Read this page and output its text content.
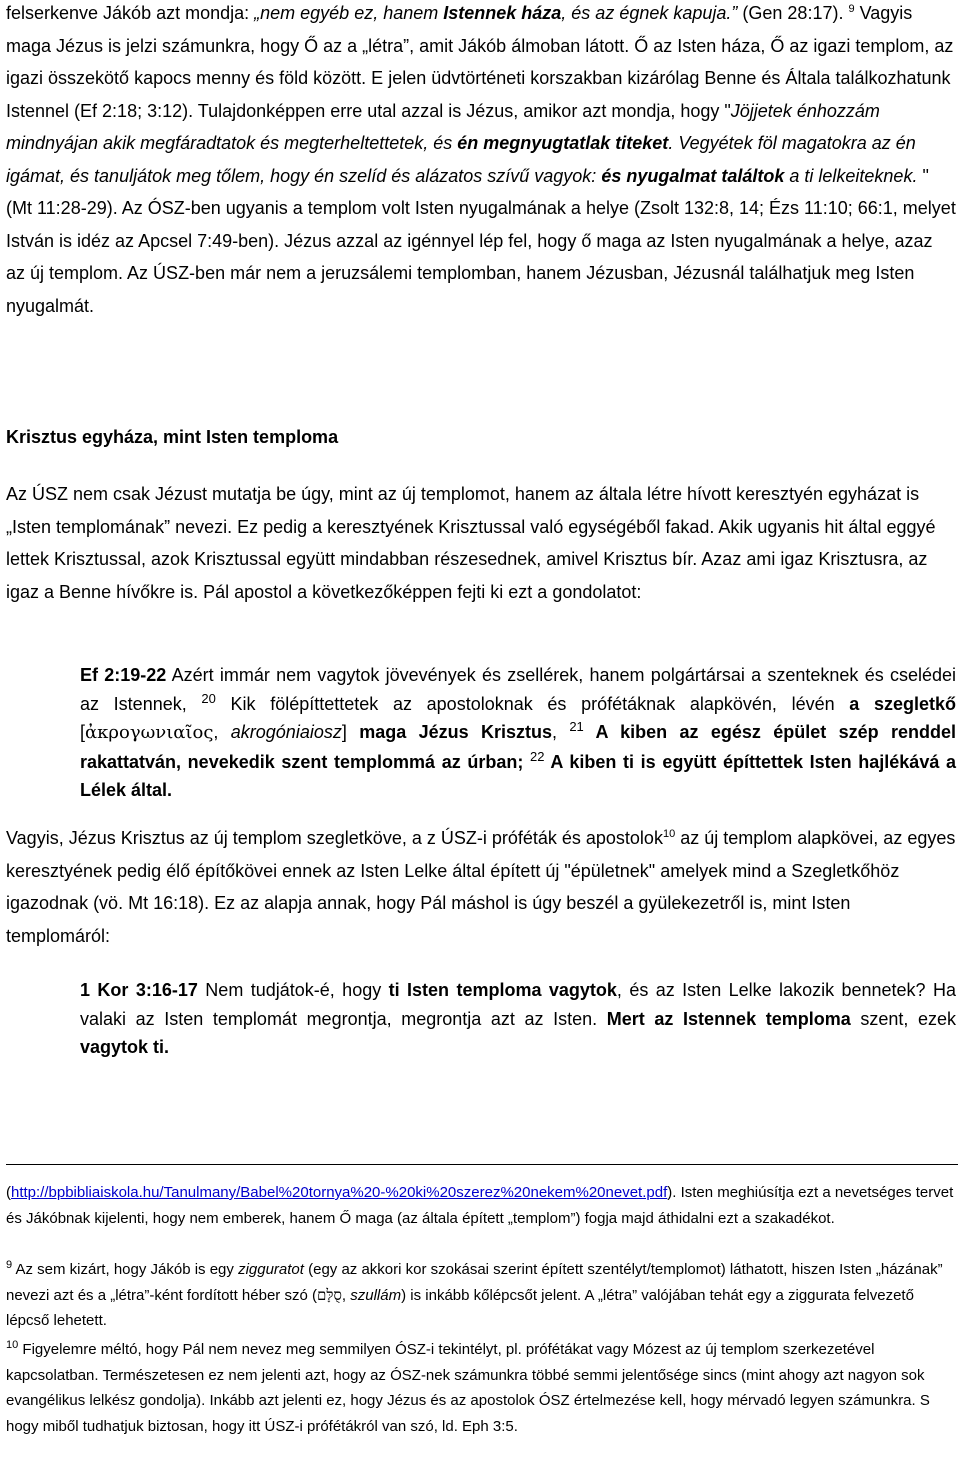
felserkenve Jákób azt mondja: „nem egyéb ez, hanem Istennek háza, és az égnek kapuja.” (Gen 28:17). $^9$ Vagyis maga Jézus is jelzi számunkra, hogy Ő az a „létra”, amit Jákób álmoban látott. Ő az Isten háza, Ő az igazi templom, az igazi összekötő kapocs menny és föld között. E jelen üdvtörténeti korszakban kizárólag Benne és Általa találkozhatunk Istennel (Ef 2:18; 3:12). Tulajdonképpen erre utal azzal is Jézus, amikor azt mondja, hogy "Jöjjetek énhozzám mindnyájan akik megfáradtatok és megterheltettetek, és én megnyugtatlak titeket. Vegyétek föl magatokra az én igámat, és tanuljátok meg tőlem, hogy én szelíd és alázatos szívű vagyok: és nyugalmat találtok a ti lelkeiteknek. " (Mt 11:28-29). Az ÓSZ-ben ugyanis a templom volt Isten nyugalmának a helye (Zsolt 132:8, 14; Ézs 11:10; 66:1, melyet István is idéz az Apcsel 7:49-ben). Jézus azzal az igénnyel lép fel, hogy ő maga az Isten nyugalmának a helye, azaz az új templom. Az ÚSZ-ben már nem a jeruzsálemi templomban, hanem Jézusban, Jézusnál találhatjuk meg Isten nyugalmát.

Krisztus egyháza, mint Isten temploma

Az ÚSZ nem csak Jézust mutatja be úgy, mint az új templomot, hanem az általa létre hívott keresztyén egyházat is „Isten templomának” nevezi. Ez pedig a keresztyének Krisztussal való egységéből fakad. Akik ugyanis hit által eggyé lettek Krisztussal, azok Krisztussal együtt mindabban részesednek, amivel Krisztus bír. Azaz ami igaz Krisztusra, az igaz a Benne hívőkre is. Pál apostol a következőképpen fejti ki ezt a gondolatot:

Ef 2:19-22 Azért immár nem vagytok jövevények és zsellérek, hanem polgártársai a szenteknek és cselédei az Istennek, $^{20}$ Kik fölépíttettetek az apostoloknak és prófétáknak alapkövén, lévén a szegletkő [ἀκρογωνιαῖος, akrogóniaiosz] maga Jézus Krisztus, $^{21}$ A kiben az egész épület szép renddel rakattatván, nevekedik szent templommá az úrban; $^{22}$ A kiben ti is együtt építtettek Isten hajlékává a Lélek által.

Vagyis, Jézus Krisztus az új templom szegletköve, a z ÚSZ-i próféták és apostolok$^{10}$ az új templom alapkövei, az egyes keresztyének pedig élő építőkövei ennek az Isten Lelke által épített új "épületnek" amelyek mind a Szegletkőhöz igazodnak (vö. Mt 16:18). Ez az alapja annak, hogy Pál máshol is úgy beszél a gyülekezetről is, mint Isten templomáról:

1 Kor 3:16-17 Nem tudjátok-é, hogy ti Isten temploma vagytok, és az Isten Lelke lakozik bennetek? Ha valaki az Isten templomát megrontja, megrontja azt az Isten. Mert az Istennek temploma szent, ezek vagytok ti.

(http://bpbibliaiskola.hu/Tanulmany/Babel%20tornya%20-%20ki%20szerez%20nekem%20nevet.pdf). Isten meghiúsítja ezt a nevetséges tervet és Jákóbnak kijelenti, hogy nem emberek, hanem Ő maga (az általa épített „templom”) fogja majd áthidalni ezt a szakadékot.

$^9$ Az sem kizárt, hogy Jákób is egy zigguratot (egy az akkori kor szokásai szerint épített szentélyt/templomot) láthatott, hiszen Isten „házának” nevezi azt és a „létra”-ként fordított héber szó (סֻלָּם, szullám) is inkább kőlépcsőt jelent. A „létra” valójában tehát egy a ziggurata felvezető lépcső lehetett.

$^{10}$ Figyelemre méltó, hogy Pál nem nevez meg semmilyen ÓSZ-i tekintélyt, pl. prófétákat vagy Mózest az új templom szerkezetével kapcsolatban. Természetesen ez nem jelenti azt, hogy az ÓSZ-nek számunkra többé semmi jelentősége sincs (mint ahogy azt nagyon sok evangélikus lelkész gondolja). Inkább azt jelenti ez, hogy Jézus és az apostolok ÓSZ értelmezése kell, hogy mérvadó legyen számunkra. S hogy miből tudhatjuk biztosan, hogy itt ÚSZ-i prófétákról van szó, ld. Eph 3:5.
